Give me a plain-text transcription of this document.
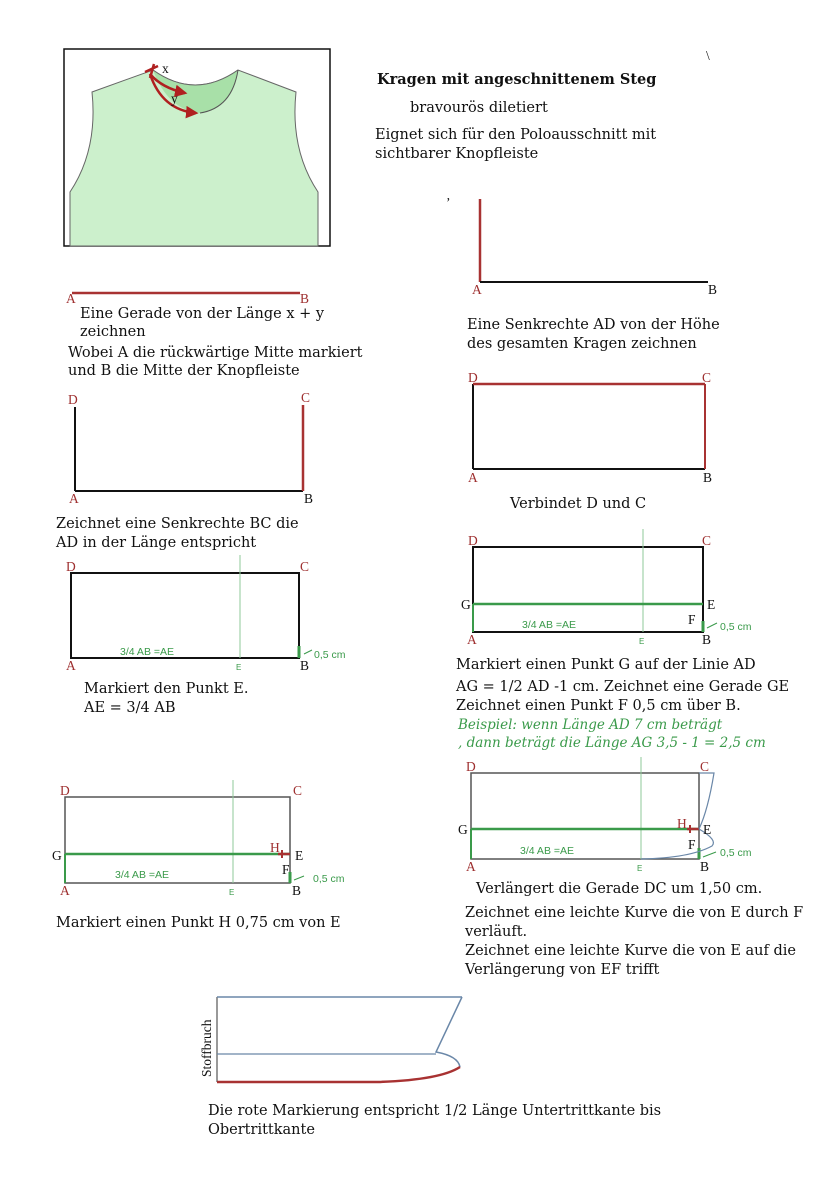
Kragen mit angeschnittenem Steg
bravourös diletiert
Eignet sich für den Poloausschnitt mit
sichtbarer Knopfleiste
Eine Gerade von der Länge x + y
zeichnen
Wobei A die rückwärtige Mitte markiert
und B die Mitte der Knopfleiste
Eine Senkrechte AD von der Höhe
des gesamten Kragen zeichnen
Zeichnet eine Senkrechte BC die
AD in der Länge entspricht
Verbindet D und C
Markiert den Punkt E.
AE = 3/4 AB
Markiert einen Punkt G auf der Linie AD
AG = 1/2 AD -1 cm. Zeichnet eine Gerade GE
Zeichnet einen Punkt F 0,5 cm über B.
Beispiel: wenn Länge AD 7 cm beträgt
, dann beträgt die Länge AG 3,5 - 1 = 2,5 cm
Markiert einen Punkt H 0,75 cm von E
Verlängert die Gerade DC um 1,50 cm.
Zeichnet eine leichte Kurve die von E durch F
verläuft.
Zeichnet eine leichte Kurve die von E auf die
Verlängerung von EF trifft
Die rote Markierung entspricht 1/2 Länge Untertrittkante bis
Obertrittkante
\
’
x
y
A	B
A	B
D	C
A	B
D	C
A	B
D	C
A	B
E
3/4 AB =AE	0,5 cm
D	C
G	E
F
A	B
E
3/4 AB =AE	0,5 cm
D	C
G
H
E
F
A	B
E
3/4 AB =AE	0,5 cm
D	C
G	H E
F
A	B
E
3/4 AB =AE	0,5 cm
Stoffbruch
